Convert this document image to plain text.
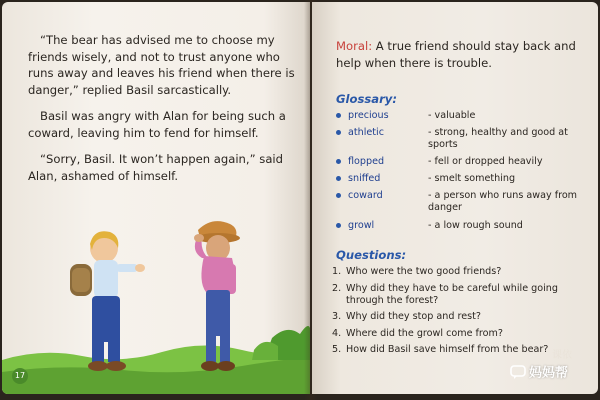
“The bear has advised me to choose my friends wisely, and not to trust anyone who runs away and leaves his friend when there is danger,” replied Basil sarcastically.

Basil was angry with Alan for being such a coward, leaving him to fend for himself.

“Sorry, Basil. It won’t happen again,” said Alan, ashamed of himself.

17

Moral: A true friend should stay back and help when there is trouble.

Glossary:
precious	- valuable
athletic	- strong, healthy and good at sports
flopped	- fell or dropped heavily
sniffed	- smelt something
coward	- a person who runs away from danger
growl	- a low rough sound
Questions:
1. Who were the two good friends?
2. Why did they have to be careful while going through the forest?
3. Why did they stop and rest?
4. Where did the growl come from?
5. How did Basil save himself from the bear?
课依
妈妈帮
